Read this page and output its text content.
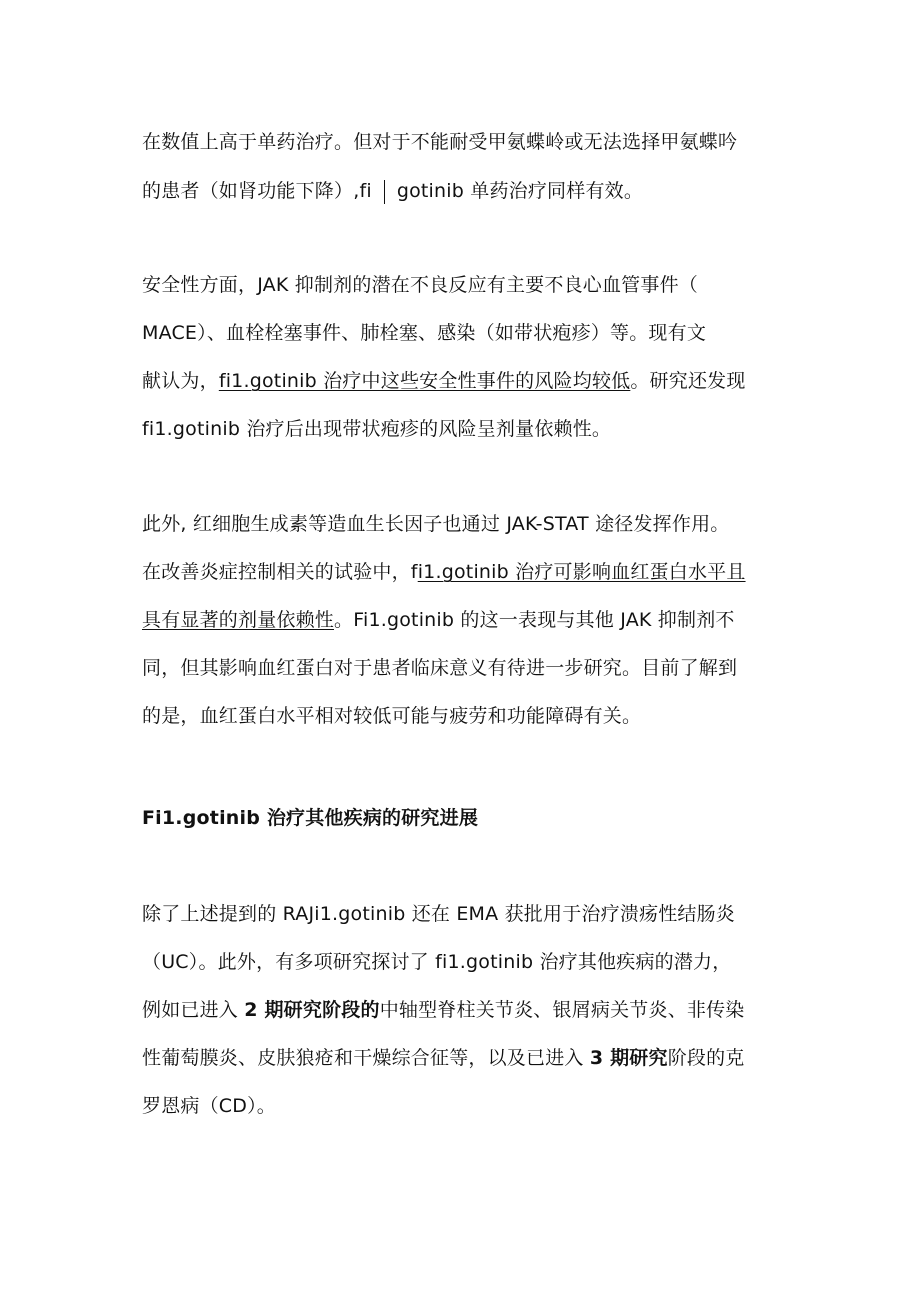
在数值上高于单药治疗。但对于不能耐受甲氨蝶岭或无法选择甲氨蝶吟
的患者（如肾功能下降）,fi gotinib 单药治疗同样有效。
安全性方面，JAK 抑制剂的潜在不良反应有主要不良心血管事件（
MACE）、血栓栓塞事件、肺栓塞、感染（如带状疱疹）等。现有文
献认为，fi1.gotinib 治疗中这些安全性事件的风险均较低。研究还发现
fi1.gotinib 治疗后出现带状疱疹的风险呈剂量依赖性。
此外, 红细胞生成素等造血生长因子也通过 JAK-STAT 途径发挥作用。
在改善炎症控制相关的试验中，fi1.gotinib 治疗可影响血红蛋白水平且
具有显著的剂量依赖性。Fi1.gotinib 的这一表现与其他 JAK 抑制剂不
同，但其影响血红蛋白对于患者临床意义有待进一步研究。目前了解到
的是，血红蛋白水平相对较低可能与疲劳和功能障碍有关。
Fi1.gotinib 治疗其他疾病的研究进展
除了上述提到的 RAJi1.gotinib 还在 EMA 获批用于治疗溃疡性结肠炎
（UC）。此外，有多项研究探讨了 fi1.gotinib 治疗其他疾病的潜力，
例如已进入 2 期研究阶段的中轴型脊柱关节炎、银屑病关节炎、非传染
性葡萄膜炎、皮肤狼疮和干燥综合征等，以及已进入 3 期研究阶段的克
罗恩病（CD）。
